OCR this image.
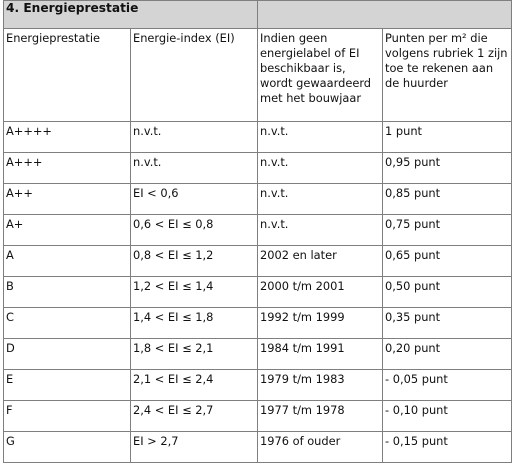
4. Energieprestatie			
Energieprestatie	Energie-index (EI)	Indien geen energielabel of EI beschikbaar is, wordt gewaardeerd met het bouwjaar	Punten per m² die volgens rubriek 1 zijn toe te rekenen aan de huurder
A++++	n.v.t.	n.v.t.	1 punt
A+++	n.v.t.	n.v.t.	0,95 punt
A++	EI < 0,6	n.v.t.	0,85 punt
A+	0,6 < EI ≤ 0,8	n.v.t.	0,75 punt
A	0,8 < EI ≤ 1,2	2002 en later	0,65 punt
B	1,2 < EI ≤ 1,4	2000 t/m 2001	0,50 punt
C	1,4 < EI ≤ 1,8	1992 t/m 1999	0,35 punt
D	1,8 < EI ≤ 2,1	1984 t/m 1991	0,20 punt
E	2,1 < EI ≤ 2,4	1979 t/m 1983	- 0,05 punt
F	2,4 < EI ≤ 2,7	1977 t/m 1978	- 0,10 punt
G	EI > 2,7	1976 of ouder	- 0,15 punt
